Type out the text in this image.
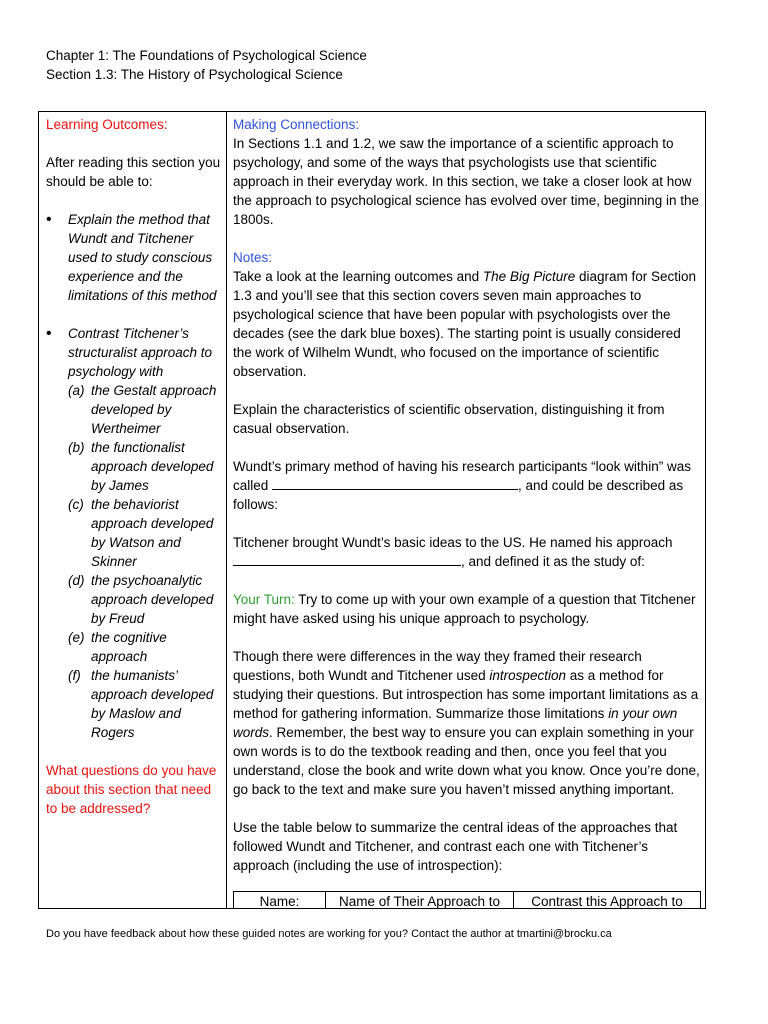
Chapter 1: The Foundations of Psychological Science
Section 1.3: The History of Psychological Science

Learning Outcomes:

After reading this section you should be able to:

• Explain the method that Wundt and Titchener used to study conscious experience and the limitations of this method
• Contrast Titchener’s structuralist approach to psychology with
(a) the Gestalt approach developed by Wertheimer
(b) the functionalist approach developed by James
(c) the behaviorist approach developed by Watson and Skinner
(d) the psychoanalytic approach developed by Freud
(e) the cognitive approach
(f) the humanists’ approach developed by Maslow and Rogers

What questions do you have about this section that need to be addressed?

Making Connections:

In Sections 1.1 and 1.2, we saw the importance of a scientific approach to psychology, and some of the ways that psychologists use that scientific approach in their everyday work. In this section, we take a closer look at how the approach to psychological science has evolved over time, beginning in the 1800s.

Notes:

Take a look at the learning outcomes and The Big Picture diagram for Section 1.3 and you’ll see that this section covers seven main approaches to psychological science that have been popular with psychologists over the decades (see the dark blue boxes). The starting point is usually considered the work of Wilhelm Wundt, who focused on the importance of scientific observation.

Explain the characteristics of scientific observation, distinguishing it from casual observation.

Wundt’s primary method of having his research participants “look within” was called	, and could be described as follows:

Titchener brought Wundt’s basic ideas to the US. He named his approach , and defined it as the study of:

Your Turn: Try to come up with your own example of a question that Titchener might have asked using his unique approach to psychology.

Though there were differences in the way they framed their research questions, both Wundt and Titchener used introspection as a method for studying their questions. But introspection has some important limitations as a method for gathering information. Summarize those limitations in your own words. Remember, the best way to ensure you can explain something in your own words is to do the textbook reading and then, once you feel that you understand, close the book and write down what you know. Once you’re done, go back to the text and make sure you haven’t missed anything important.

Use the table below to summarize the central ideas of the approaches that followed Wundt and Titchener, and contrast each one with Titchener’s approach (including the use of introspection):

Name:	Name of Their Approach to	Contrast this Approach to
Do you have feedback about how these guided notes are working for you? Contact the author at tmartini@brocku.ca
